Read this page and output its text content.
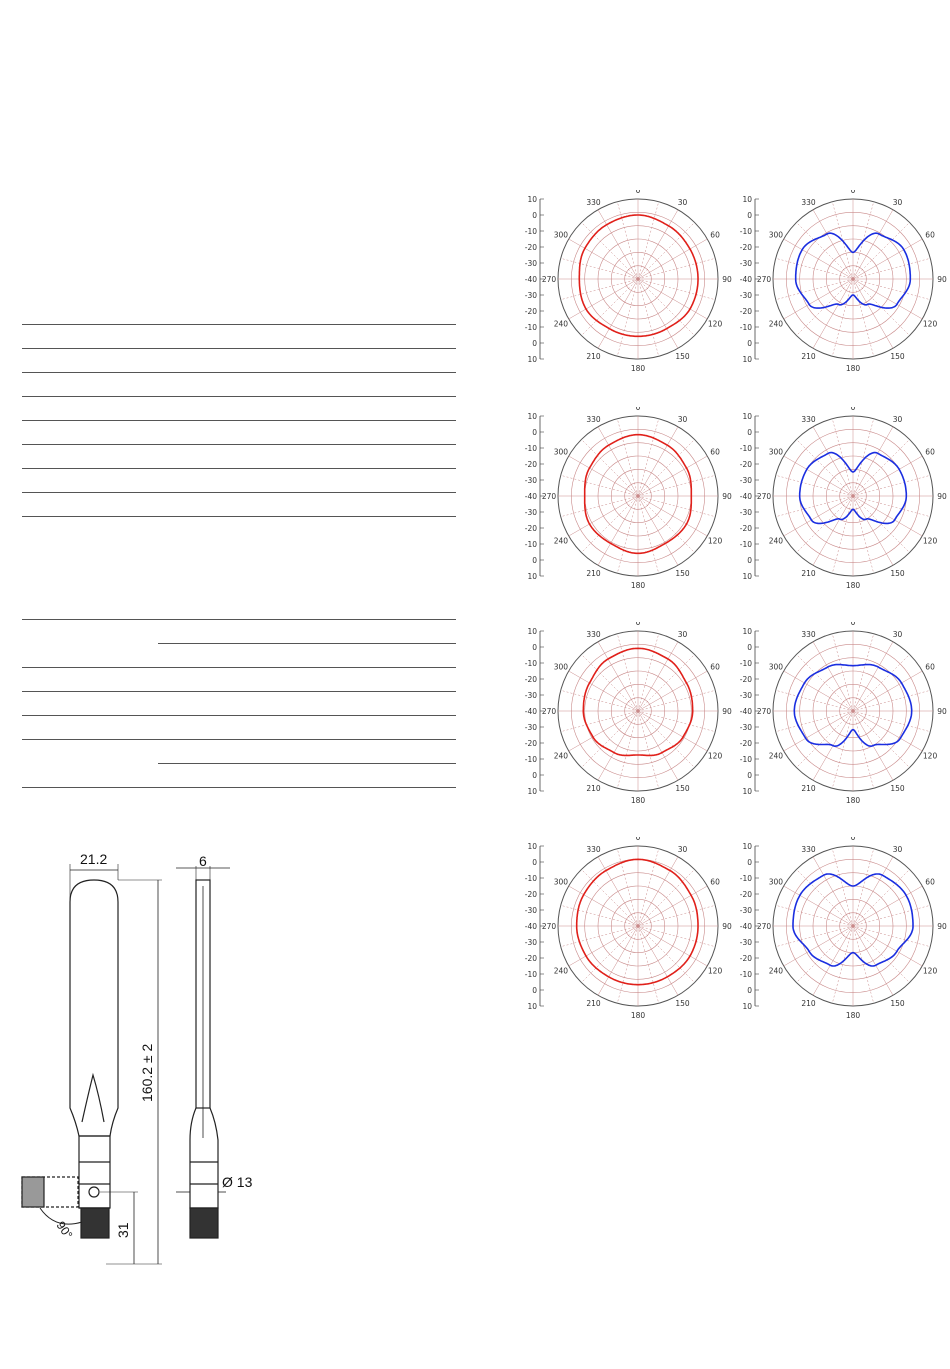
21.2	6
160.2 ± 2
Ø 13
31
90°
0
30
60
90
120
150
180
210
240
270
300
330
10
0
-10
-20
-30
-40
-30
-20
-10
0
10
0
30
60
90
120
150
180
210
240
270
300
330
10
0
-10
-20
-30
-40
-30
-20
-10
0
10
0
30
60
90
120
150
180
210
240
270
300
330
10
0
-10
-20
-30
-40
-30
-20
-10
0
10
0
30
60
90
120
150
180
210
240
270
300
330
10
0
-10
-20
-30
-40
-30
-20
-10
0
10
0
30
60
90
120
150
180
210
240
270
300
330
10
0
-10
-20
-30
-40
-30
-20
-10
0
10
0
30
60
90
120
150
180
210
240
270
300
330
10
0
-10
-20
-30
-40
-30
-20
-10
0
10
0
30
60
90
120
150
180
210
240
270
300
330
10
0
-10
-20
-30
-40
-30
-20
-10
0
10
0
30
60
90
120
150
180
210
240
270
300
330
10
0
-10
-20
-30
-40
-30
-20
-10
0
10
